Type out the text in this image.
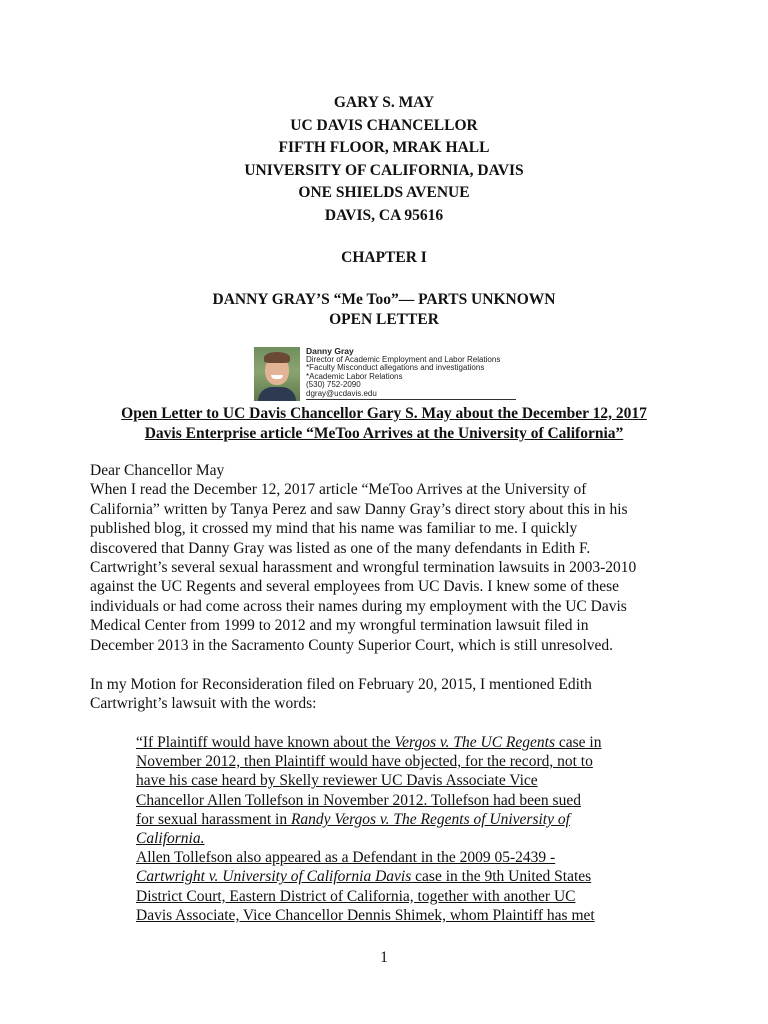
GARY S. MAY
UC DAVIS CHANCELLOR
FIFTH FLOOR, MRAK HALL
UNIVERSITY OF CALIFORNIA, DAVIS
ONE SHIELDS AVENUE
DAVIS, CA 95616
CHAPTER I
DANNY GRAY’S “Me Too”— PARTS UNKNOWN
OPEN LETTER
Danny Gray
Director of Academic Employment and Labor Relations
*Faculty Misconduct allegations and investigations
*Academic Labor Relations
(530) 752-2090
dgray@ucdavis.edu
Open Letter to UC Davis Chancellor Gary S. May about the December 12, 2017
Davis Enterprise article “MeToo Arrives at the University of California”
Dear Chancellor May
When I read the December 12, 2017 article “MeToo Arrives at the University of
California” written by Tanya Perez and saw Danny Gray’s direct story about this in his
published blog, it crossed my mind that his name was familiar to me. I quickly
discovered that Danny Gray was listed as one of the many defendants in Edith F.
Cartwright’s several sexual harassment and wrongful termination lawsuits in 2003-2010
against the UC Regents and several employees from UC Davis. I knew some of these
individuals or had come across their names during my employment with the UC Davis
Medical Center from 1999 to 2012 and my wrongful termination lawsuit filed in
December 2013 in the Sacramento County Superior Court, which is still unresolved.
In my Motion for Reconsideration filed on February 20, 2015, I mentioned Edith
Cartwright’s lawsuit with the words:
“If Plaintiff would have known about the Vergos v. The UC Regents case in
November 2012, then Plaintiff would have objected, for the record, not to
have his case heard by Skelly reviewer UC Davis Associate Vice
Chancellor Allen Tollefson in November 2012. Tollefson had been sued
for sexual harassment in Randy Vergos v. The Regents of University of
California.
Allen Tollefson also appeared as a Defendant in the 2009 05-2439 -
Cartwright v. University of California Davis case in the 9th United States
District Court, Eastern District of California, together with another UC
Davis Associate, Vice Chancellor Dennis Shimek, whom Plaintiff has met
1
